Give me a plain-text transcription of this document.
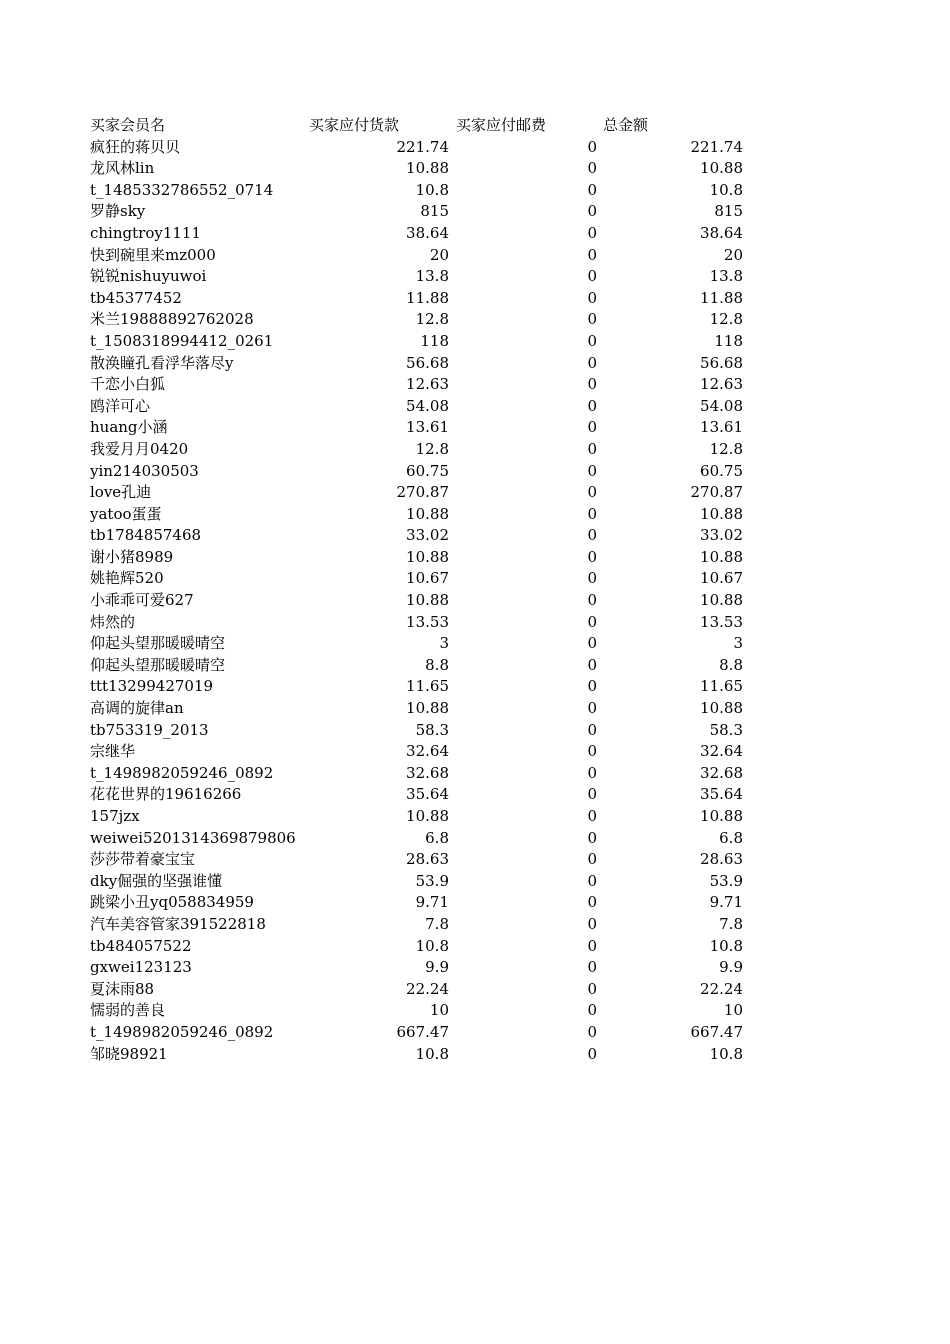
买家会员名	买家应付货款	买家应付邮费	总金额
疯狂的蒋贝贝	221.74	0	221.74
龙风林lin	10.88	0	10.88
t_1485332786552_0714	10.8	0	10.8
罗静sky	815	0	815
chingtroy1111	38.64	0	38.64
快到碗里来mz000	20	0	20
锐锐nishuyuwoi	13.8	0	13.8
tb45377452	11.88	0	11.88
米兰19888892762028	12.8	0	12.8
t_1508318994412_0261	118	0	118
散涣瞳孔看浮华落尽y	56.68	0	56.68
千恋小白狐	12.63	0	12.63
鸥洋可心	54.08	0	54.08
huang小涵	13.61	0	13.61
我爱月月0420	12.8	0	12.8
yin214030503	60.75	0	60.75
love孔迪	270.87	0	270.87
yatoo蛋蛋	10.88	0	10.88
tb1784857468	33.02	0	33.02
谢小猪8989	10.88	0	10.88
姚艳辉520	10.67	0	10.67
小乖乖可爱627	10.88	0	10.88
炜然的	13.53	0	13.53
仰起头望那暖暖晴空	3	0	3
仰起头望那暖暖晴空	8.8	0	8.8
ttt13299427019	11.65	0	11.65
高调的旋律an	10.88	0	10.88
tb753319_2013	58.3	0	58.3
宗继华	32.64	0	32.64
t_1498982059246_0892	32.68	0	32.68
花花世界的19616266	35.64	0	35.64
157jzx	10.88	0	10.88
weiwei5201314369879806	6.8	0	6.8
莎莎带着豪宝宝	28.63	0	28.63
dky倔强的坚强谁懂	53.9	0	53.9
跳梁小丑yq058834959	9.71	0	9.71
汽车美容管家391522818	7.8	0	7.8
tb484057522	10.8	0	10.8
gxwei123123	9.9	0	9.9
夏沫雨88	22.24	0	22.24
懦弱的善良	10	0	10
t_1498982059246_0892	667.47	0	667.47
邹晓98921	10.8	0	10.8
